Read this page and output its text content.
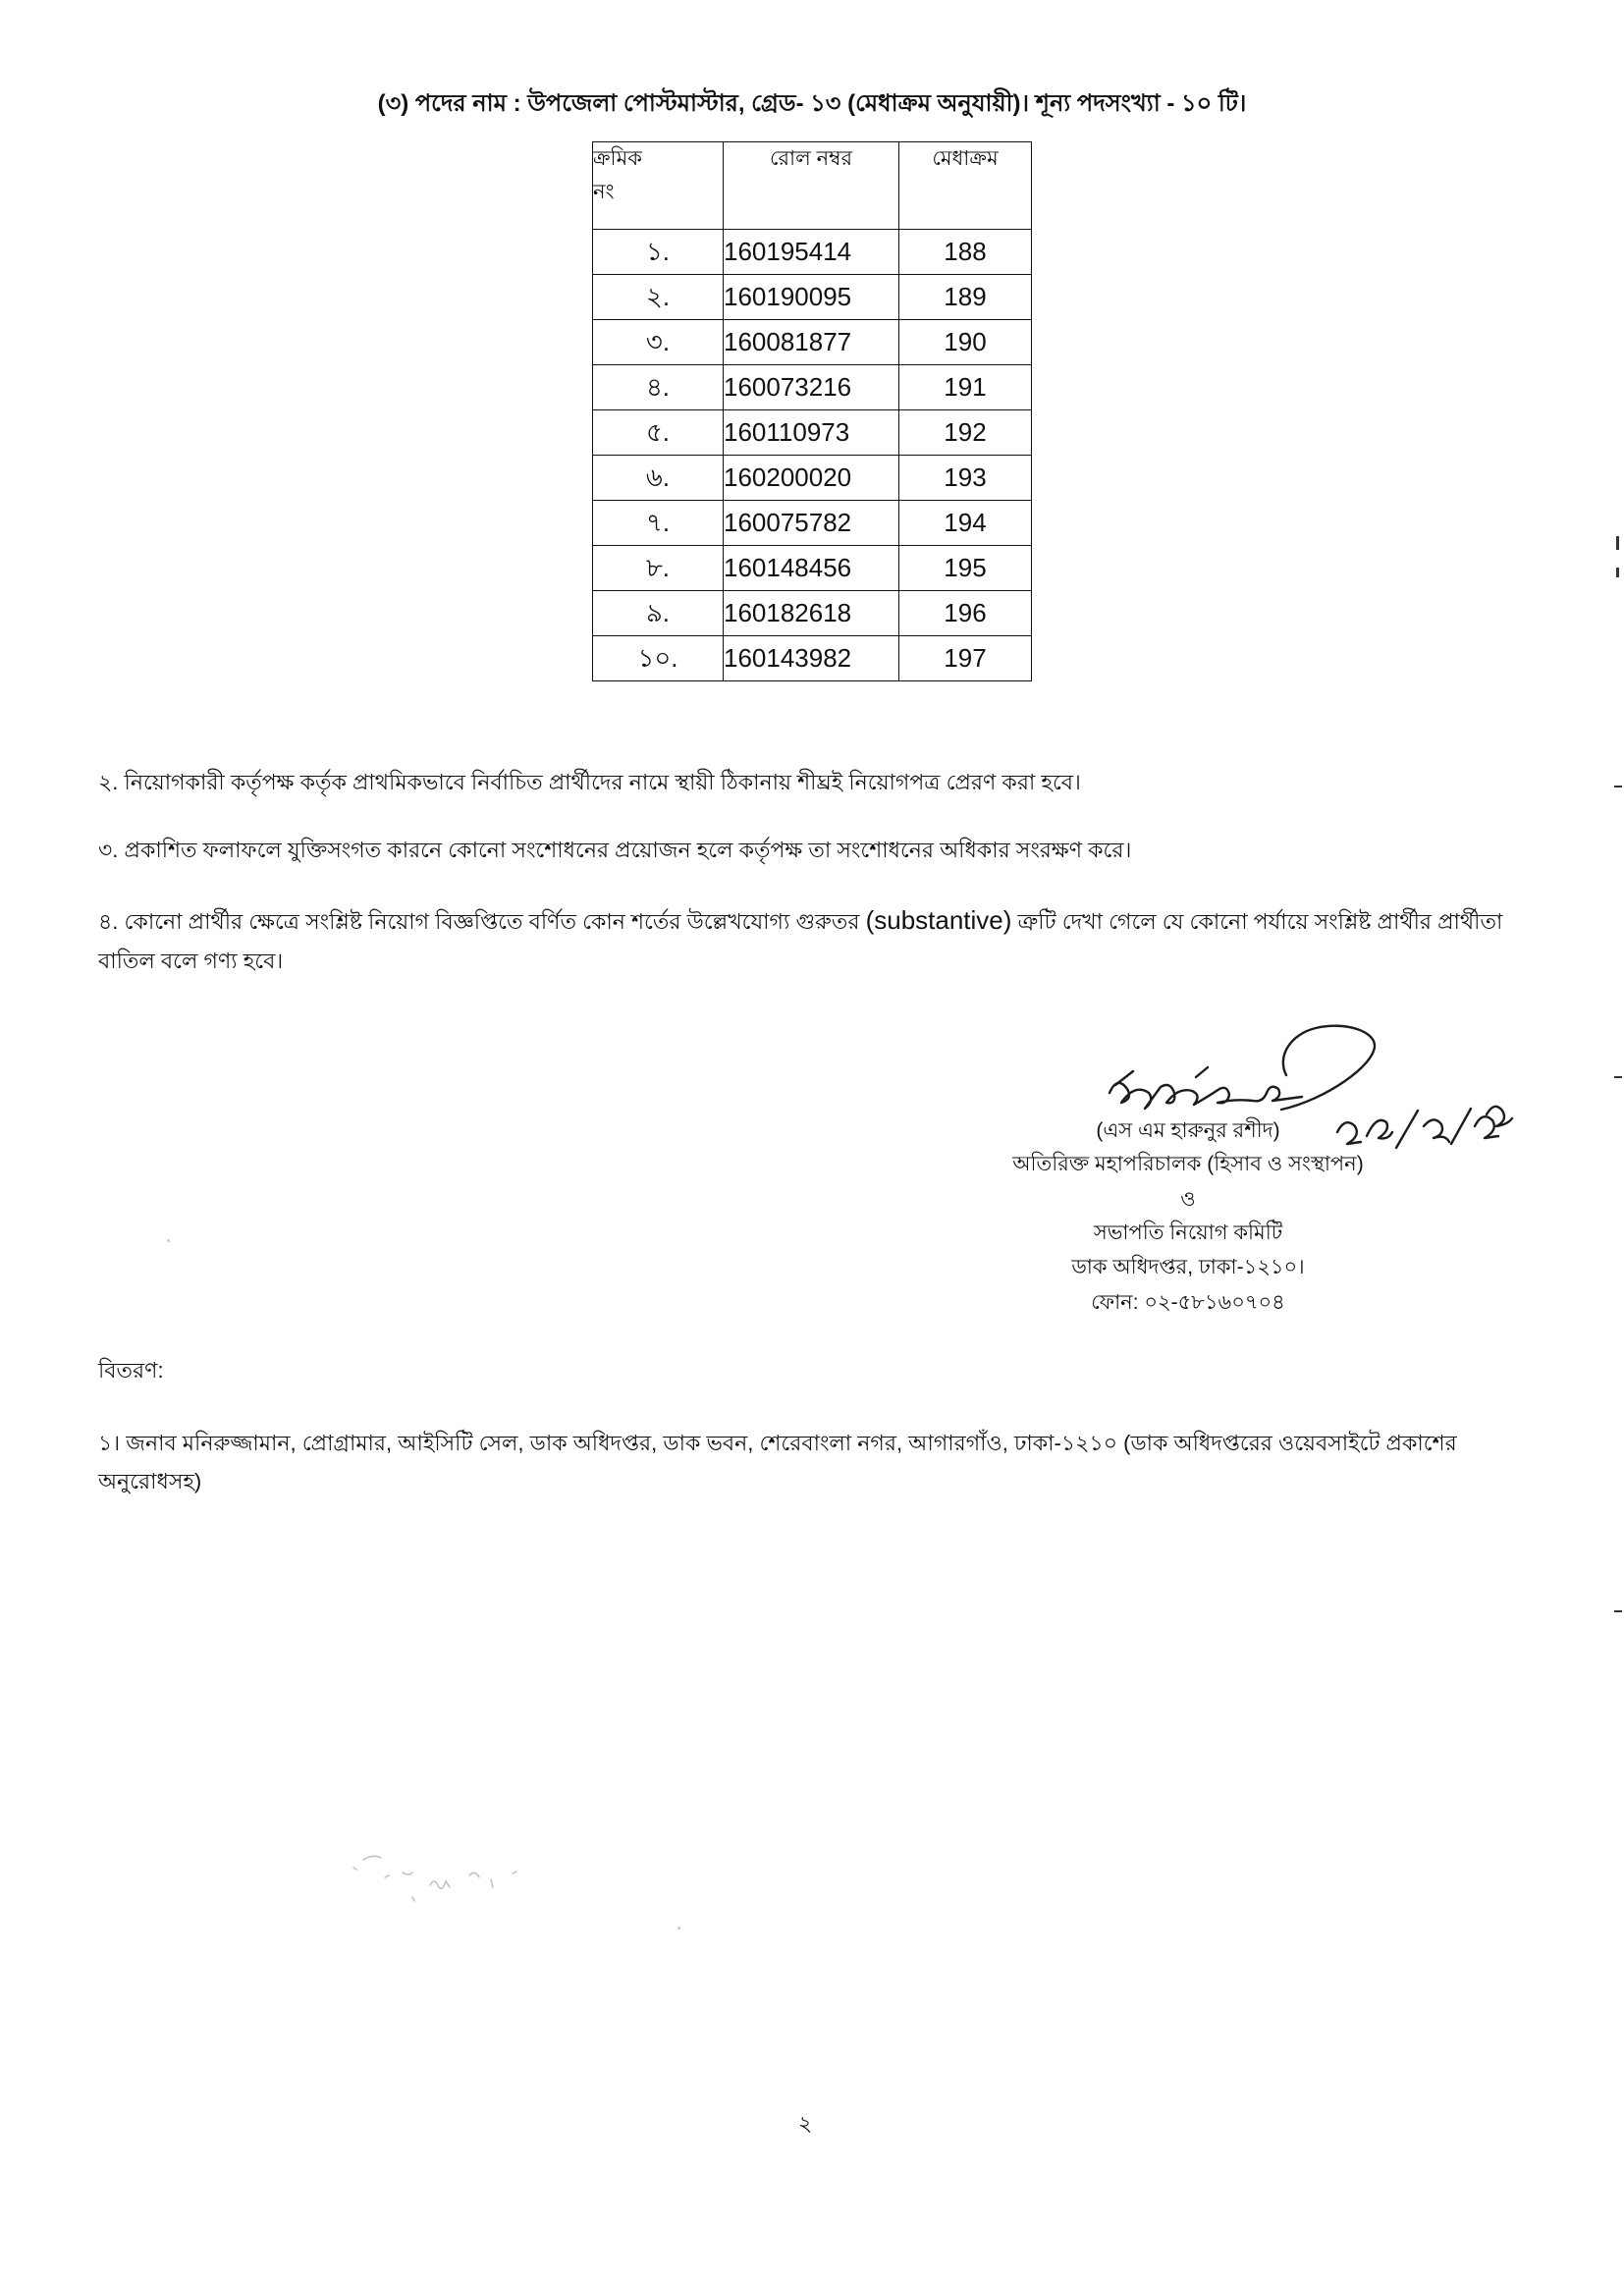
(৩) পদের নাম : উপজেলা পোস্টমাস্টার, গ্রেড- ১৩ (মেধাক্রম অনুযায়ী)। শূন্য পদসংখ্যা - ১০ টি।
ক্রমিক
নং	রোল নম্বর	মেধাক্রম
১.	160195414	188
২.	160190095	189
৩.	160081877	190
৪.	160073216	191
৫.	160110973	192
৬.	160200020	193
৭.	160075782	194
৮.	160148456	195
৯.	160182618	196
১০.	160143982	197
২. নিয়োগকারী কর্তৃপক্ষ কর্তৃক প্রাথমিকভাবে নির্বাচিত প্রার্থীদের নামে স্থায়ী ঠিকানায় শীঘ্রই নিয়োগপত্র প্রেরণ করা হবে।
৩. প্রকাশিত ফলাফলে যুক্তিসংগত কারনে কোনো সংশোধনের প্রয়োজন হলে কর্তৃপক্ষ তা সংশোধনের অধিকার সংরক্ষণ করে।
৪. কোনো প্রার্থীর ক্ষেত্রে সংশ্লিষ্ট নিয়োগ বিজ্ঞপ্তিতে বর্ণিত কোন শর্তের উল্লেখযোগ্য গুরুতর (substantive) ত্রুটি দেখা গেলে যে কোনো পর্যায়ে সংশ্লিষ্ট প্রার্থীর প্রার্থীতা বাতিল বলে গণ্য হবে।
(এস এম হারুনুর রশীদ)
অতিরিক্ত মহাপরিচালক (হিসাব ও সংস্থাপন)
ও
সভাপতি নিয়োগ কমিটি
ডাক অধিদপ্তর, ঢাকা-১২১০।
ফোন: ০২-৫৮১৬০৭০৪
বিতরণ:
১। জনাব মনিরুজ্জামান, প্রোগ্রামার, আইসিটি সেল, ডাক অধিদপ্তর, ডাক ভবন, শেরেবাংলা নগর, আগারগাঁও, ঢাকা-১২১০ (ডাক অধিদপ্তরের ওয়েবসাইটে প্রকাশের অনুরোধসহ)
২
